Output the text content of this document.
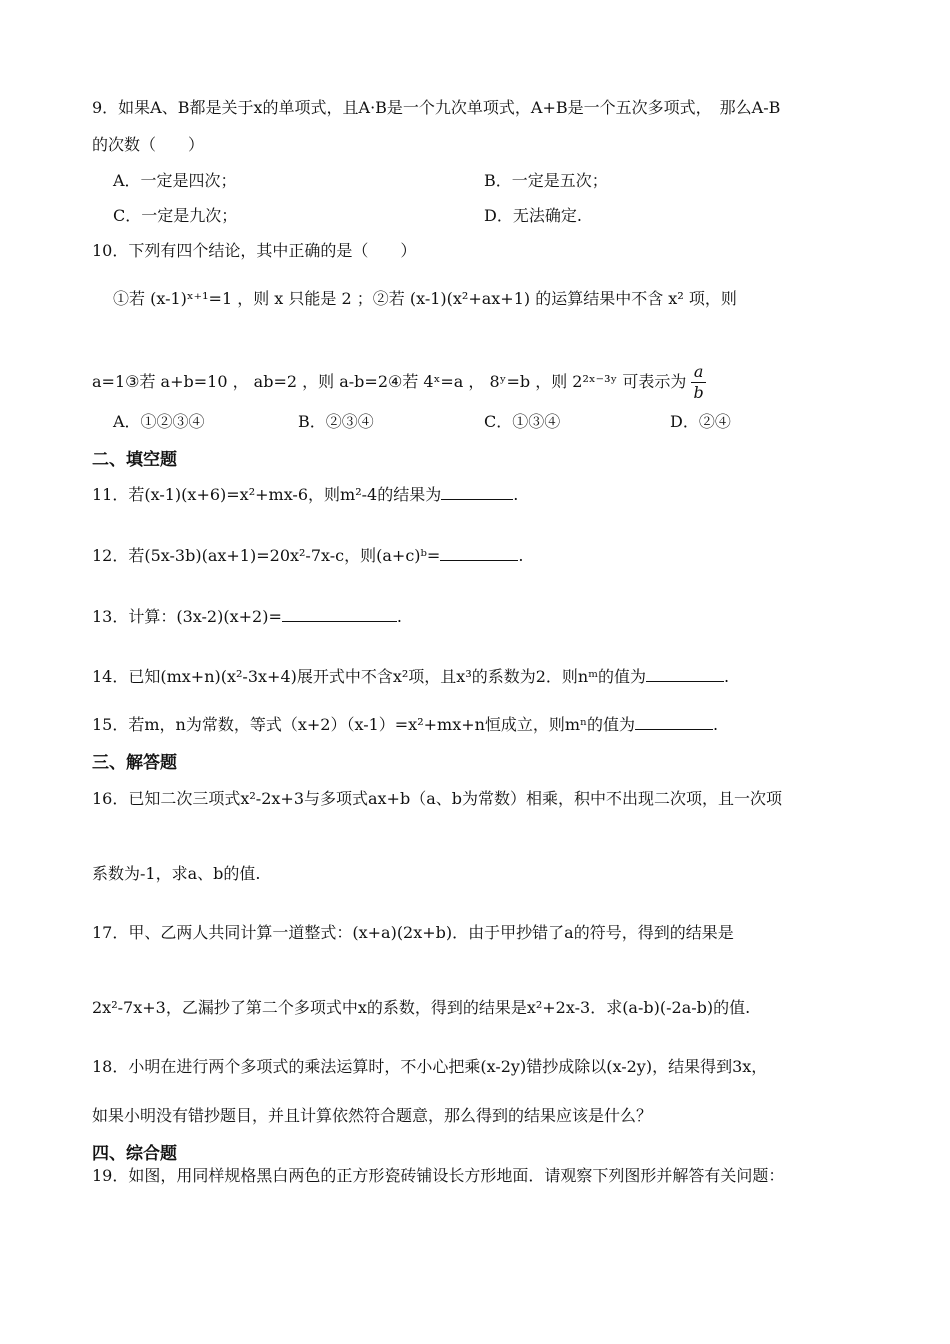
9．如果A、B都是关于x的单项式，且A·B是一个九次单项式，A+B是一个五次多项式，　那么A-B
的次数（　　）
A．一定是四次；	B．一定是五次；
C．一定是九次；	D．无法确定.
10．下列有四个结论，其中正确的是（　　）
①若 (x-1)ˣ⁺¹=1 ，则 x 只能是 2 ；②若 (x-1)(x²+ax+1) 的运算结果中不含 x² 项，则
a=1③若 a+b=10 ， ab=2 ，则 a-b=2④若 4ˣ=a ， 8ʸ=b ，则 2²ˣ⁻³ʸ 可表示为 $\frac{a}{b}$
A．①②③④	B．②③④	C．①③④	D．②④
二、填空题
11．若(x-1)(x+6)=x²+mx-6，则m²-4的结果为	.
12．若(5x-3b)(ax+1)=20x²-7x-c，则(a+c)ᵇ=	.
13．计算：(3x-2)(x+2)=	.
14．已知(mx+n)(x²-3x+4)展开式中不含x²项，且x³的系数为2．则nᵐ的值为	.
15．若m，n为常数，等式（x+2）（x-1）=x²+mx+n恒成立，则mⁿ的值为	.
三、解答题
16．已知二次三项式x²-2x+3与多项式ax+b（a、b为常数）相乘，积中不出现二次项，且一次项
系数为-1，求a、b的值.
17．甲、乙两人共同计算一道整式：(x+a)(2x+b)．由于甲抄错了a的符号，得到的结果是
2x²-7x+3，乙漏抄了第二个多项式中x的系数，得到的结果是x²+2x-3．求(a-b)(-2a-b)的值.
18．小明在进行两个多项式的乘法运算时，不小心把乘(x-2y)错抄成除以(x-2y)，结果得到3x，
如果小明没有错抄题目，并且计算依然符合题意，那么得到的结果应该是什么？
四、综合题
19．如图，用同样规格黑白两色的正方形瓷砖铺设长方形地面．请观察下列图形并解答有关问题：
